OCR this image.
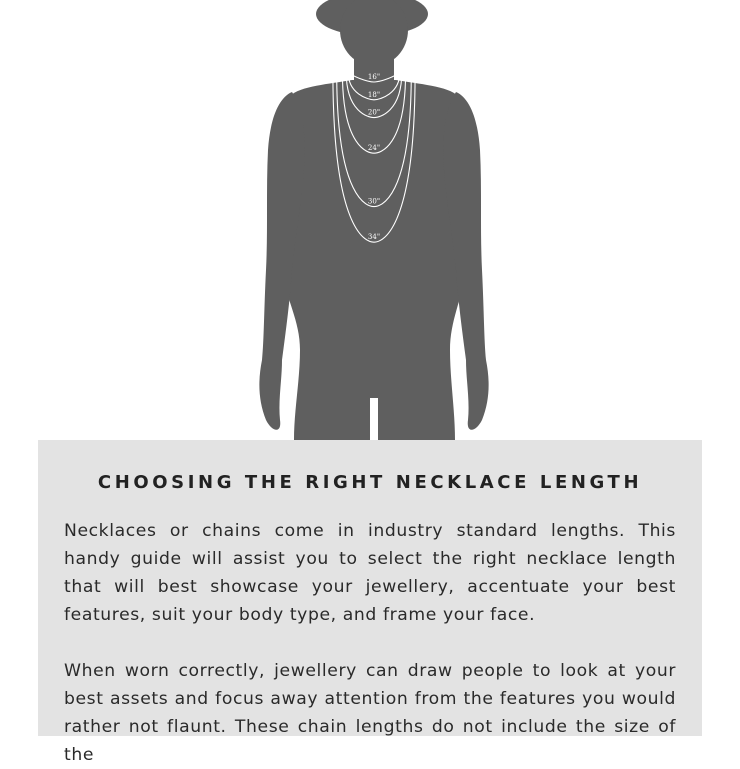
16"
18"
20"
24"
30"
34"
CHOOSING THE RIGHT NECKLACE LENGTH

Necklaces or chains come in industry standard lengths. This handy guide will assist you to select the right necklace length that will best showcase your jewellery, accentuate your best features, suit your body type, and frame your face.

When worn correctly, jewellery can draw people to look at your best assets and focus away attention from the features you would rather not flaunt. These chain lengths do not include the size of the
